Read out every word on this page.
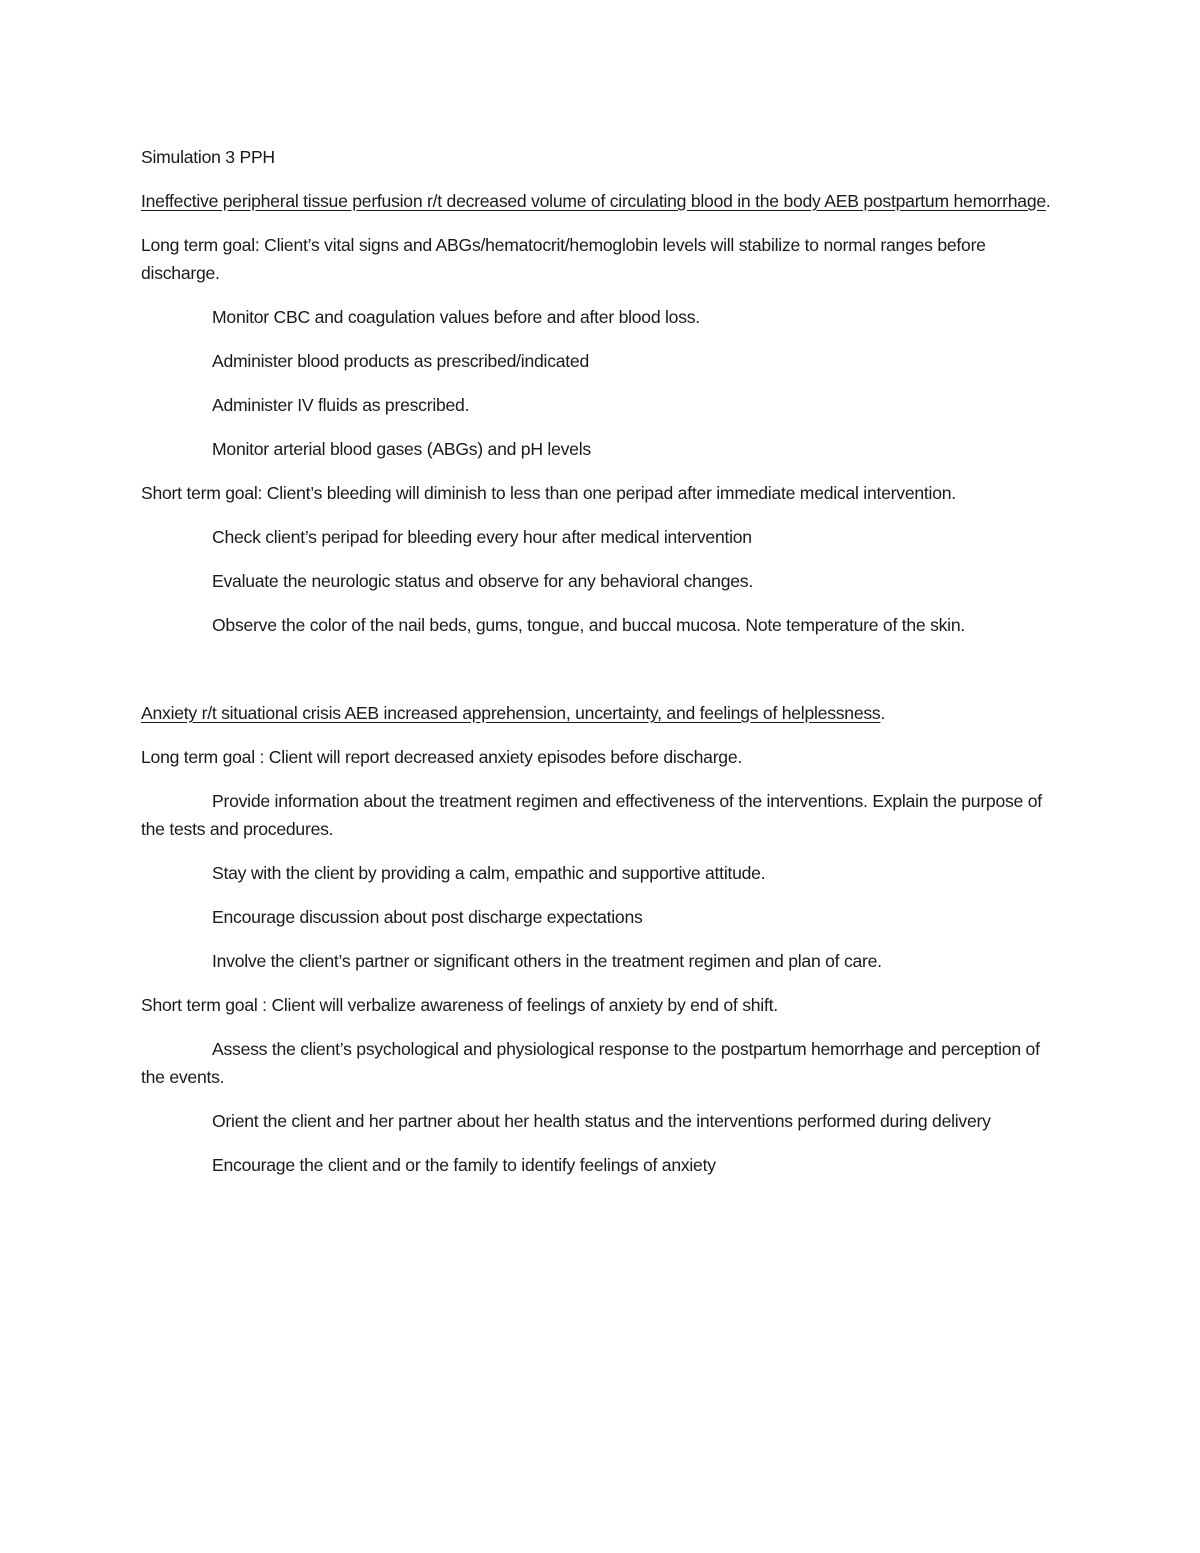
Simulation 3 PPH

Ineffective peripheral tissue perfusion r/t decreased volume of circulating blood in the body AEB postpartum hemorrhage.

Long term goal: Client’s vital signs and ABGs/hematocrit/hemoglobin levels will stabilize to normal ranges before discharge.

Monitor CBC and coagulation values before and after blood loss.

Administer blood products as prescribed/indicated

Administer IV fluids as prescribed.

Monitor arterial blood gases (ABGs) and pH levels

Short term goal: Client’s bleeding will diminish to less than one peripad after immediate medical intervention.

Check client’s peripad for bleeding every hour after medical intervention

Evaluate the neurologic status and observe for any behavioral changes.

Observe the color of the nail beds, gums, tongue, and buccal mucosa. Note temperature of the skin.

Anxiety r/t situational crisis AEB increased apprehension, uncertainty, and feelings of helplessness.

Long term goal : Client will report decreased anxiety episodes before discharge.

Provide information about the treatment regimen and effectiveness of the interventions. Explain the purpose of the tests and procedures.

Stay with the client by providing a calm, empathic and supportive attitude.

Encourage discussion about post discharge expectations

Involve the client’s partner or significant others in the treatment regimen and plan of care.

Short term goal : Client will verbalize awareness of feelings of anxiety by end of shift.

Assess the client’s psychological and physiological response to the postpartum hemorrhage and perception of the events.

Orient the client and her partner about her health status and the interventions performed during delivery

Encourage the client and or the family to identify feelings of anxiety
